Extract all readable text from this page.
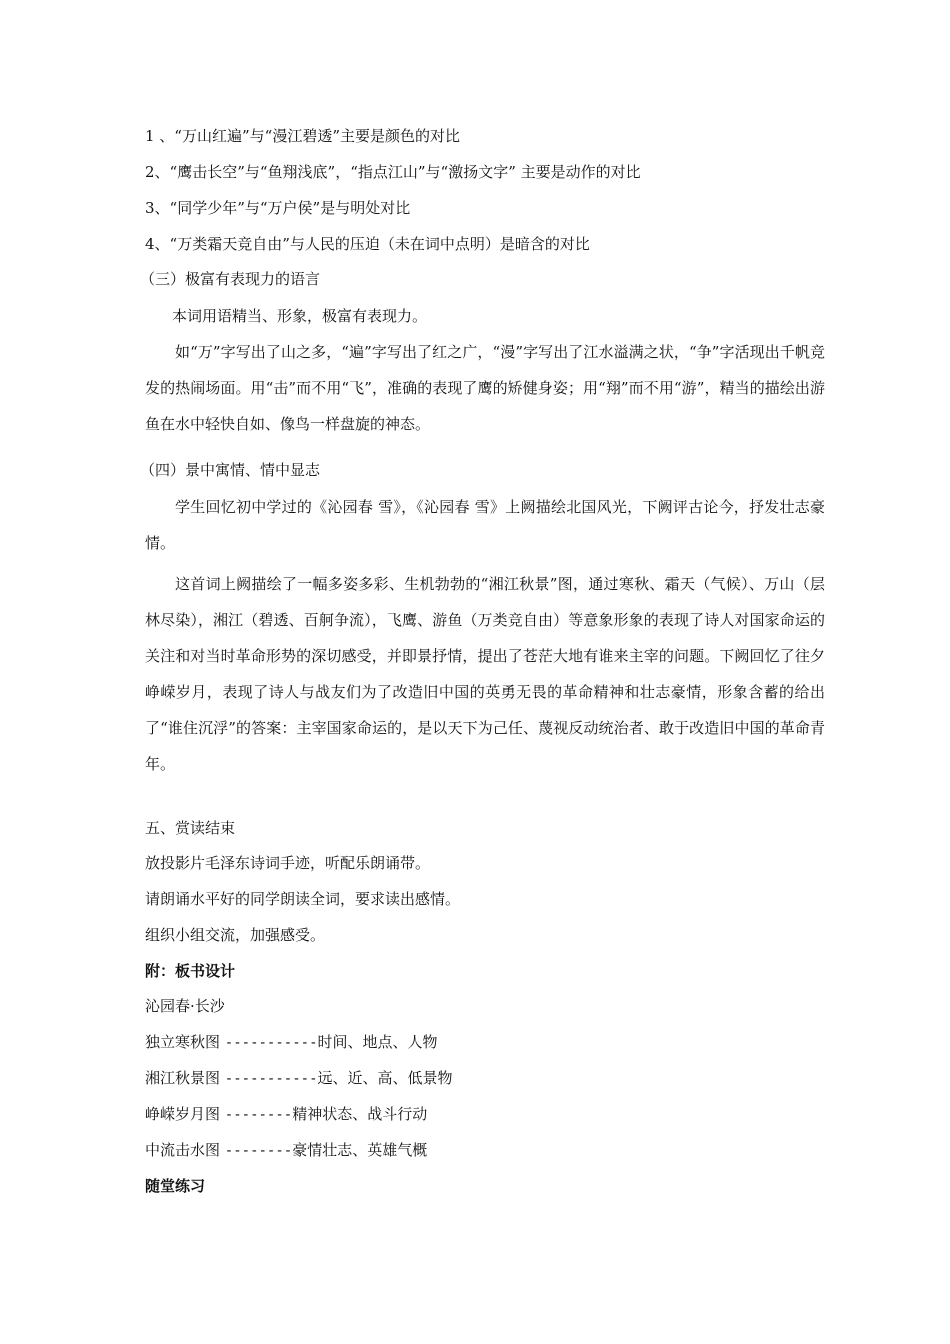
1 、“万山红遍”与“漫江碧透”主要是颜色的对比

2、“鹰击长空”与“鱼翔浅底”，“指点江山”与“激扬文字” 主要是动作的对比

3、“同学少年”与“万户侯”是与明处对比

4、“万类霜天竞自由”与人民的压迫（未在词中点明）是暗含的对比

（三）极富有表现力的语言

本词用语精当、形象，极富有表现力。

如“万”字写出了山之多，“遍”字写出了红之广，“漫”字写出了江水溢满之状，“争”字活现出千帆竞发的热闹场面。用“击”而不用“飞”，准确的表现了鹰的矫健身姿；用“翔”而不用“游”，精当的描绘出游鱼在水中轻快自如、像鸟一样盘旋的神态。

（四）景中寓情、情中显志

学生回忆初中学过的《沁园春 雪》，《沁园春 雪》上阙描绘北国风光，下阙评古论今，抒发壮志豪情。

这首词上阙描绘了一幅多姿多彩、生机勃勃的“湘江秋景”图，通过寒秋、霜天（气候）、万山（层林尽染），湘江（碧透、百舸争流），飞鹰、游鱼（万类竞自由）等意象形象的表现了诗人对国家命运的关注和对当时革命形势的深切感受，并即景抒情，提出了苍茫大地有谁来主宰的问题。下阙回忆了往夕峥嵘岁月，表现了诗人与战友们为了改造旧中国的英勇无畏的革命精神和壮志豪情，形象含蓄的给出了“谁住沉浮”的答案：主宰国家命运的，是以天下为己任、蔑视反动统治者、敢于改造旧中国的革命青年。

五、赏读结束

放投影片毛泽东诗词手迹，听配乐朗诵带。

请朗诵水平好的同学朗读全词，要求读出感情。

组织小组交流，加强感受。

附：板书设计

沁园春·长沙

独立寒秋图 -----------时间、地点、人物

湘江秋景图 -----------远、近、高、低景物

峥嵘岁月图 --------精神状态、战斗行动

中流击水图 --------豪情壮志、英雄气概

随堂练习
